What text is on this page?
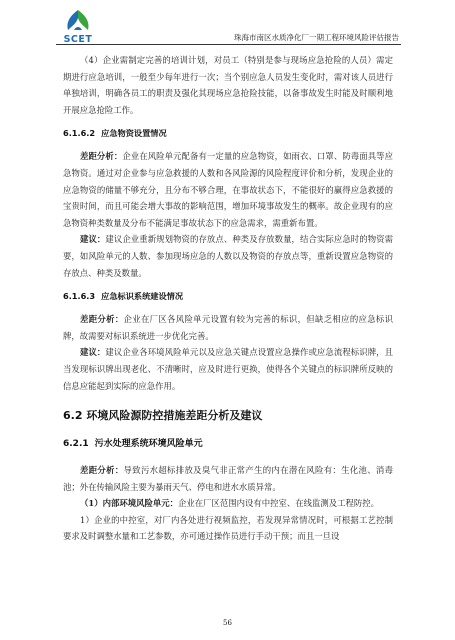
SCET	珠海市南区水质净化厂一期工程环境风险评估报告

（4）企业需制定完善的培训计划，对员工（特别是参与现场应急抢险的人员）需定期进行应急培训，一般至少每年进行一次；当个别应急人员发生变化时，需对该人员进行单独培训，明确各员工的职责及强化其现场应急抢险技能，以备事故发生时能及时顺利地开展应急抢险工作。

6.1.6.2 应急物资设置情况

差距分析：企业在风险单元配备有一定量的应急物资，如雨衣、口罩、防毒面具等应急物资。通过对企业参与应急救援的人数和各风险源的风险程度评价和分析，发现企业的应急物资的储量不够充分，且分布不够合理，在事故状态下，不能很好的赢得应急救援的宝贵时间，而且可能会增大事故的影响范围，增加环境事故发生的概率。故企业现有的应急物资种类数量及分布不能满足事故状态下的应急需求，需重新布置。

建议：建议企业重新规划物资的存放点、种类及存放数量，结合实际应急时的物资需要，如风险单元的人数、参加现场应急的人数以及物资的存放点等，重新设置应急物资的存放点、种类及数量。

6.1.6.3 应急标识系统建设情况

差距分析：企业在厂区各风险单元设置有较为完善的标识，但缺乏相应的应急标识牌，故需要对标识系统进一步优化完善。

建议：建议企业各环境风险单元以及应急关键点设置应急操作或应急流程标识牌，且当发现标识牌出现老化、不清晰时，应及时进行更换，使得各个关键点的标识牌所反映的信息应能起到实际的应急作用。

6.2 环境风险源防控措施差距分析及建议
6.2.1 污水处理系统环境风险单元

差距分析：导致污水超标排放及臭气非正常产生的内在潜在风险有：生化池、消毒池；外在传输风险主要为暴雨天气、停电和进水水质异常。

（1）内部环境风险单元：企业在厂区范围内设有中控室、在线监测及工程防控。

1）企业的中控室，对厂内各处进行视频监控，若发现异常情况时，可根据工艺控制要求及时调整水量和工艺参数，亦可通过操作员进行手动干预；而且一旦设

56
